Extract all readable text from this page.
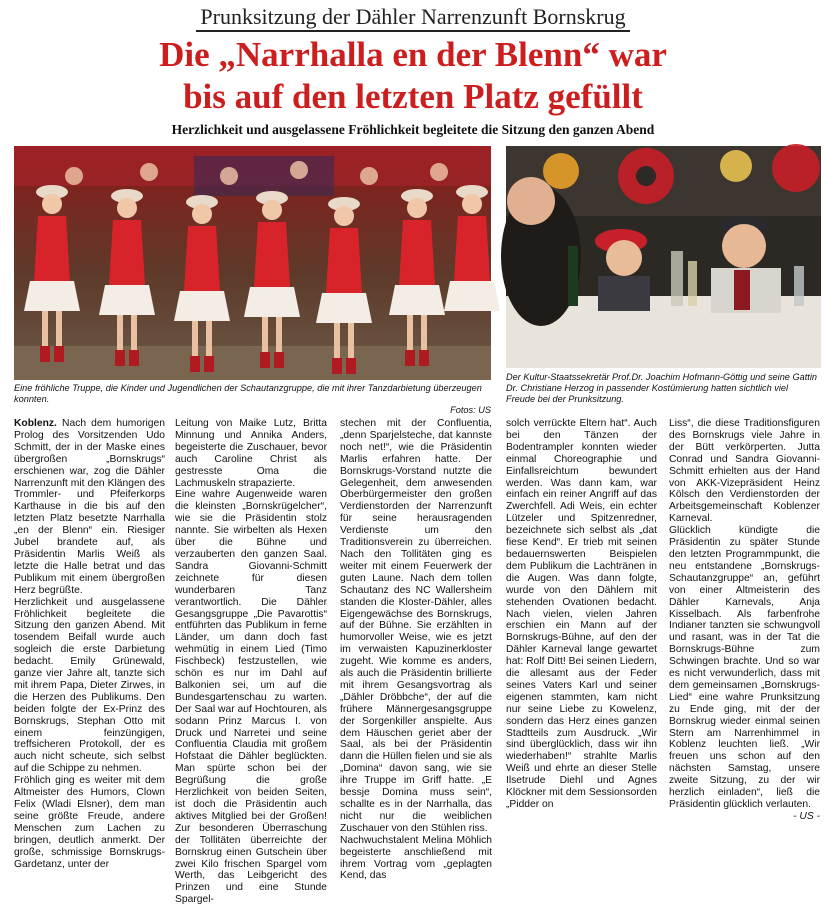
Prunksitzung der Dähler Narrenzunft Bornskrug
Die „Narrhalla en der Blenn“ war
bis auf den letzten Platz gefüllt
Herzlichkeit und ausgelassene Fröhlichkeit begleitete die Sitzung den ganzen Abend
Eine fröhliche Truppe, die Kinder und Jugendlichen der Schautanzgruppe, die mit ihrer Tanzdarbietung überzeugen konnten.
Fotos: US
Der Kultur-Staatssekretär Prof.Dr. Joachim Hofmann-Göttig und seine Gattin Dr. Christiane Herzog in passender Kostümierung hatten sichtlich viel Freude bei der Prunksitzung.

Koblenz. Nach dem humorigen Prolog des Vorsitzenden Udo Schmitt, der in der Maske eines übergroßen „Bornskrugs“ erschienen war, zog die Dähler Narrenzunft mit den Klängen des Trommler- und Pfeiferkorps Karthause in die bis auf den letzten Platz besetzte Narrhalla „en der Blenn“ ein. Riesiger Jubel brandete auf, als Präsidentin Marlis Weiß als letzte die Halle betrat und das Publikum mit einem übergroßen Herz begrüßte.

Herzlichkeit und ausgelassene Fröhlichkeit begleitete die Sitzung den ganzen Abend. Mit tosendem Beifall wurde auch sogleich die erste Darbietung bedacht. Emily Grünewald, ganze vier Jahre alt, tanzte sich mit ihrem Papa, Dieter Zirwes, in die Herzen des Publikums. Den beiden folgte der Ex-Prinz des Bornskrugs, Stephan Otto mit einem feinzüngigen, treffsicheren Protokoll, der es auch nicht scheute, sich selbst auf die Schippe zu nehmen.

Fröhlich ging es weiter mit dem Altmeister des Humors, Clown Felix (Wladi Elsner), dem man seine größte Freude, andere Menschen zum Lachen zu bringen, deutlich anmerkt. Der große, schmissige Bornskrugs-Gardetanz, unter der

Leitung von Maike Lutz, Britta Minnung und Annika Anders, begeisterte die Zuschauer, bevor auch Caroline Christ als gestresste Oma die Lachmuskeln strapazierte.

Eine wahre Augenweide waren die kleinsten „Bornskrügelcher“, wie sie die Präsidentin stolz nannte. Sie wirbelten als Hexen über die Bühne und verzauberten den ganzen Saal. Sandra Giovanni-Schmitt zeichnete für diesen wunderbaren Tanz verantwortlich. Die Dähler Gesangsgruppe „Die Pavarottis“ entführten das Publikum in ferne Länder, um dann doch fast wehmütig in einem Lied (Timo Fischbeck) festzustellen, wie schön es nur im Dahl auf Balkonien sei, um auf die Bundesgartenschau zu warten. Der Saal war auf Hochtouren, als sodann Prinz Marcus I. von Druck und Narretei und seine Confluentia Claudia mit großem Hofstaat die Dähler beglückten. Man spürte schon bei der Begrüßung die große Herzlichkeit von beiden Seiten, ist doch die Präsidentin auch aktives Mitglied bei der Großen! Zur besonderen Überraschung der Tollitäten überreichte der Bornskrug einen Gutschein über zwei Kilo frischen Spargel vom Werth, das Leibgericht des Prinzen und eine Stunde Spargel-

stechen mit der Confluentia, „denn Sparjelsteche, dat kannste noch net!“, wie die Präsidentin Marlis erfahren hatte. Der Bornskrugs-Vorstand nutzte die Gelegenheit, dem anwesenden Oberbürgermeister den großen Verdienstorden der Narrenzunft für seine herausragenden Verdienste um den Traditionsverein zu überreichen. Nach den Tollitäten ging es weiter mit einem Feuerwerk der guten Laune. Nach dem tollen Schautanz des NC Wallersheim standen die Kloster-Dähler, alles Eigengewächse des Bornskrugs, auf der Bühne. Sie erzählten in humorvoller Weise, wie es jetzt im verwaisten Kapuzinerkloster zugeht. Wie komme es anders, als auch die Präsidentin brillierte mit ihrem Gesangsvortrag als „Dähler Dröbbche“, der auf die frühere Männergesangsgruppe der Sorgenkiller anspielte. Aus dem Häuschen geriet aber der Saal, als bei der Präsidentin dann die Hüllen fielen und sie als „Domina“ davon sang, wie sie ihre Truppe im Griff hatte. „E bessje Domina muss sein“, schallte es in der Narrhalla, das nicht nur die weiblichen Zuschauer von den Stühlen riss.

Nachwuchstalent Melina Möhlich begeisterte anschließend mit ihrem Vortrag vom „geplagten Kend, das

solch verrückte Eltern hat“. Auch bei den Tänzen der Bodentrampler konnten wieder einmal Choreographie und Einfallsreichtum bewundert werden. Was dann kam, war einfach ein reiner Angriff auf das Zwerchfell. Adi Weis, ein echter Lützeler und Spitzenredner, bezeichnete sich selbst als „dat fiese Kend“. Er trieb mit seinen bedauernswerten Beispielen dem Publikum die Lachtränen in die Augen. Was dann folgte, wurde von den Dählern mit stehenden Ovationen bedacht. Nach vielen, vielen Jahren erschien ein Mann auf der Bornskrugs-Bühne, auf den der Dähler Karneval lange gewartet hat: Rolf Ditt! Bei seinen Liedern, die allesamt aus der Feder seines Vaters Karl und seiner eigenen stammten, kam nicht nur seine Liebe zu Kowelenz, sondern das Herz eines ganzen Stadtteils zum Ausdruck. „Wir sind überglücklich, dass wir ihn wiederhaben!“ strahlte Marlis Weiß und ehrte an dieser Stelle Ilsetrude Diehl und Agnes Klöckner mit dem Sessionsorden „Pidder on

Liss“, die diese Traditionsfiguren des Bornskrugs viele Jahre in der Bütt verkörperten. Jutta Conrad und Sandra Giovanni-Schmitt erhielten aus der Hand von AKK-Vizepräsident Heinz Kölsch den Verdienstorden der Arbeitsgemeinschaft Koblenzer Karneval.

Glücklich kündigte die Präsidentin zu später Stunde den letzten Programmpunkt, die neu entstandene „Bornskrugs-Schautanzgruppe“ an, geführt von einer Altmeisterin des Dähler Karnevals, Anja Kisselbach. Als farbenfrohe Indianer tanzten sie schwungvoll und rasant, was in der Tat die Bornskrugs-Bühne zum Schwingen brachte. Und so war es nicht verwunderlich, dass mit dem gemeinsamen „Bornskrugs-Lied“ eine wahre Prunksitzung zu Ende ging, mit der der Bornskrug wieder einmal seinen Stern am Narrenhimmel in Koblenz leuchten ließ. „Wir freuen uns schon auf den nächsten Samstag, unsere zweite Sitzung, zu der wir herzlich einladen“, ließ die Präsidentin glücklich verlauten.

- US -
